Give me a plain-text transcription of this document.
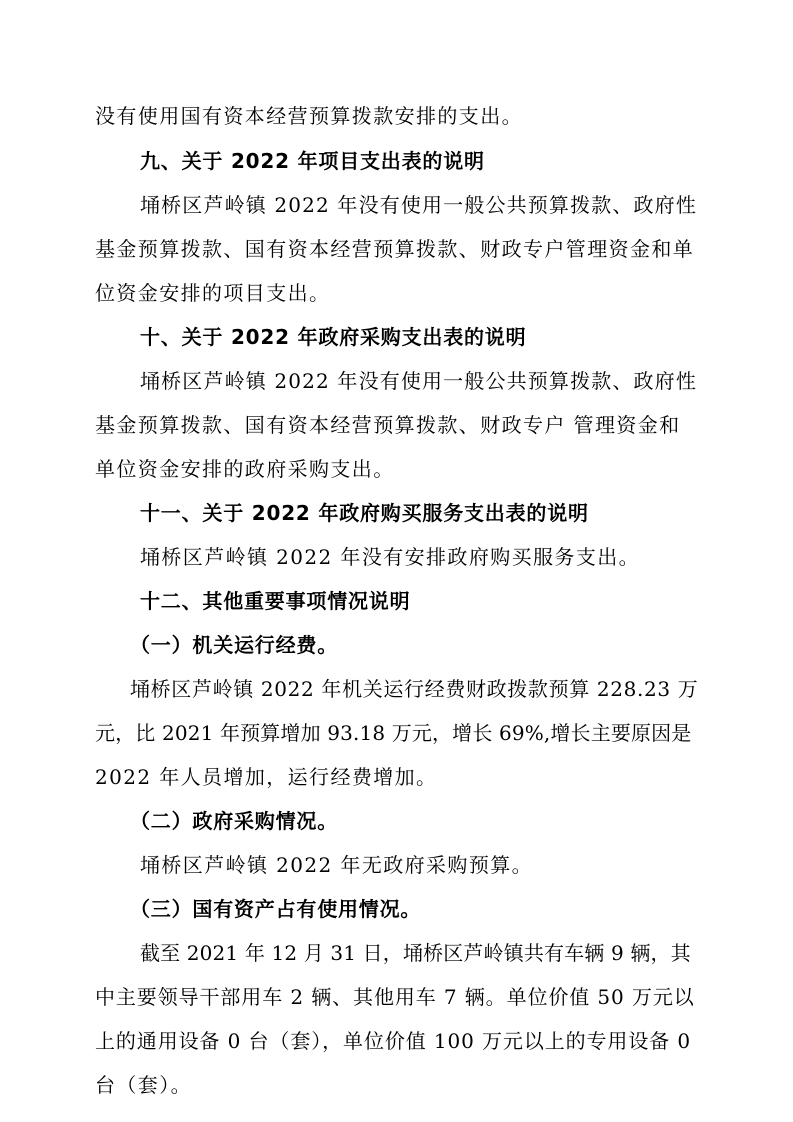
没有使用国有资本经营预算拨款安排的支出。
九、关于 2022 年项目支出表的说明
埇桥区芦岭镇 2022 年没有使用一般公共预算拨款、政府性
基金预算拨款、国有资本经营预算拨款、财政专户管理资金和单
位资金安排的项目支出。
十、关于 2022 年政府采购支出表的说明
埇桥区芦岭镇 2022 年没有使用一般公共预算拨款、政府性
基金预算拨款、国有资本经营预算拨款、财政专户 管理资金和
单位资金安排的政府采购支出。
十一、关于 2022 年政府购买服务支出表的说明
埇桥区芦岭镇 2022 年没有安排政府购买服务支出。
十二、其他重要事项情况说明
（一）机关运行经费。
埇桥区芦岭镇 2022 年机关运行经费财政拨款预算 228.23 万
元，比 2021 年预算增加 93.18 万元，增长 69%,增长主要原因是
2022 年人员增加，运行经费增加。
（二）政府采购情况。
埇桥区芦岭镇 2022 年无政府采购预算。
（三）国有资产占有使用情况。
截至 2021 年 12 月 31 日，埇桥区芦岭镇共有车辆 9 辆，其
中主要领导干部用车 2 辆、其他用车 7 辆。单位价值 50 万元以
上的通用设备 0 台（套），单位价值 100 万元以上的专用设备 0
台（套）。
